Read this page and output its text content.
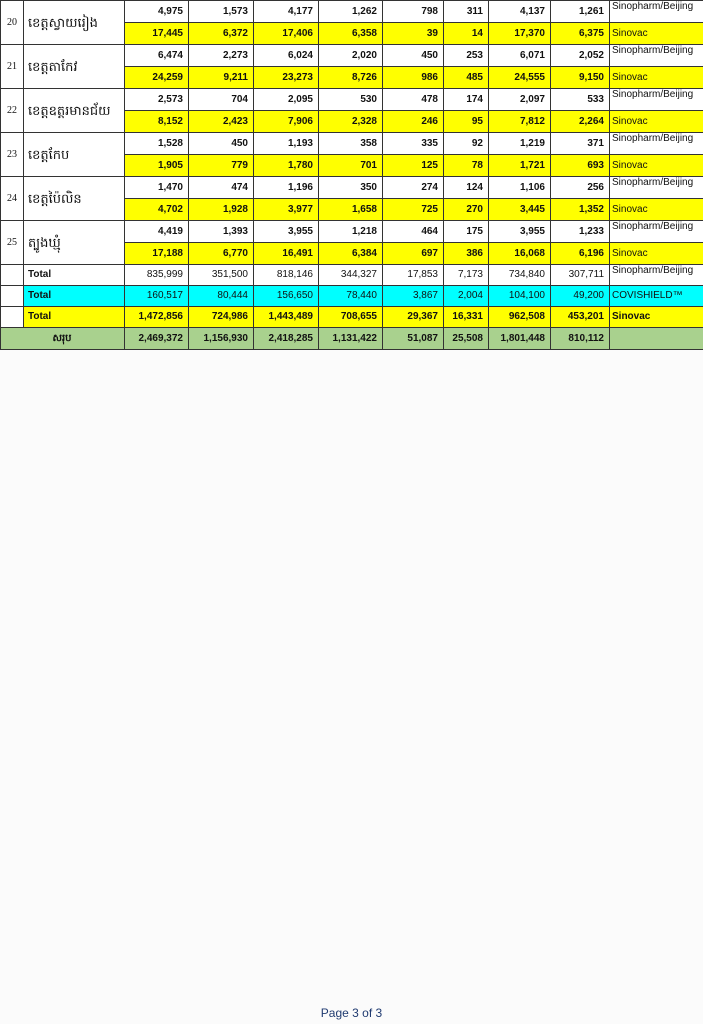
20	ខេត្តស្វាយរៀង	4,975	1,573	4,177	1,262	798	311	4,137	1,261	Sinopharm/Beijing
		17,445	6,372	17,406	6,358	39	14	17,370	6,375	Sinovac
21	ខេត្តតាកែវ	6,474	2,273	6,024	2,020	450	253	6,071	2,052	Sinopharm/Beijing
		24,259	9,211	23,273	8,726	986	485	24,555	9,150	Sinovac
22	ខេត្តឧត្តរមានជ័យ	2,573	704	2,095	530	478	174	2,097	533	Sinopharm/Beijing
		8,152	2,423	7,906	2,328	246	95	7,812	2,264	Sinovac
23	ខេត្តកែប	1,528	450	1,193	358	335	92	1,219	371	Sinopharm/Beijing
		1,905	779	1,780	701	125	78	1,721	693	Sinovac
24	ខេត្តប៉ៃលិន	1,470	474	1,196	350	274	124	1,106	256	Sinopharm/Beijing
		4,702	1,928	3,977	1,658	725	270	3,445	1,352	Sinovac
25	ត្បូងឃ្មុំ	4,419	1,393	3,955	1,218	464	175	3,955	1,233	Sinopharm/Beijing
		17,188	6,770	16,491	6,384	697	386	16,068	6,196	Sinovac
	Total	835,999	351,500	818,146	344,327	17,853	7,173	734,840	307,711	Sinopharm/Beijing
	Total	160,517	80,444	156,650	78,440	3,867	2,004	104,100	49,200	COVISHIELD™
	Total	1,472,856	724,986	1,443,489	708,655	29,367	16,331	962,508	453,201	Sinovac
សរុប		2,469,372	1,156,930	2,418,285	1,131,422	51,087	25,508	1,801,448	810,112	
Page 3 of 3
